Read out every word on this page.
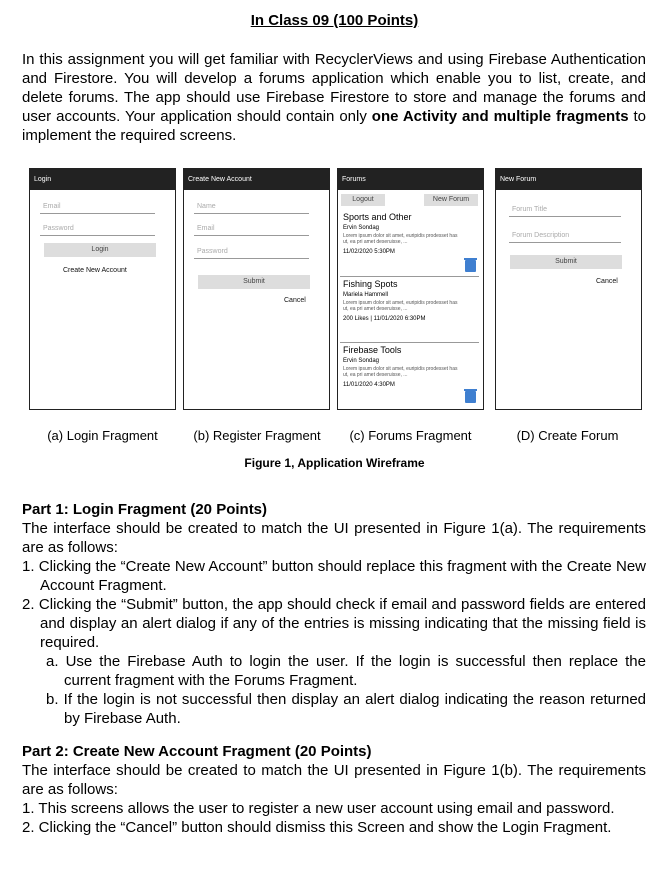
In Class 09 (100 Points)
In this assignment you will get familiar with RecyclerViews and using Firebase Authentication and Firestore. You will develop a forums application which enable you to list, create, and delete forums. The app should use Firebase Firestore to store and manage the forums and user accounts. Your application should contain only one Activity and multiple fragments to implement the required screens.
Login
Email
Password
Login
Create New Account
Create New Account
Name
Email
Password
Submit
Cancel
Forums
Logout	New Forum
Sports and Other
Ervin Sondag
Lorem ipsum dolor sit amet, euripidis prodesset has ut, ea pri amet deseruisse, ...
11/02/2020 5:30PM
Fishing Spots
Mariela Hammell
Lorem ipsum dolor sit amet, euripidis prodesset has ut, ea pri amet deseruisse, ...
200 Likes | 11/01/2020 6:30PM
Firebase Tools
Ervin Sondag
Lorem ipsum dolor sit amet, euripidis prodesset has ut, ea pri amet deseruisse, ...
11/01/2020 4:30PM
New Forum
Forum Title
Forum Description
Submit
Cancel
(a) Login Fragment	(b) Register Fragment	(c) Forums Fragment	(D) Create Forum
Figure 1, Application Wireframe
Part 1: Login Fragment (20 Points)

The interface should be created to match the UI presented in Figure 1(a). The requirements are as follows:

1. Clicking the “Create New Account” button should replace this fragment with the Create New Account Fragment.
2. Clicking the “Submit” button, the app should check if email and password fields are entered and display an alert dialog if any of the entries is missing indicating that the missing field is required.
a. Use the Firebase Auth to login the user. If the login is successful then replace the current fragment with the Forums Fragment.
b. If the login is not successful then display an alert dialog indicating the reason returned by Firebase Auth.
Part 2: Create New Account Fragment (20 Points)

The interface should be created to match the UI presented in Figure 1(b). The requirements are as follows:

1. This screens allows the user to register a new user account using email and password.
2. Clicking the “Cancel” button should dismiss this Screen and show the Login Fragment.
